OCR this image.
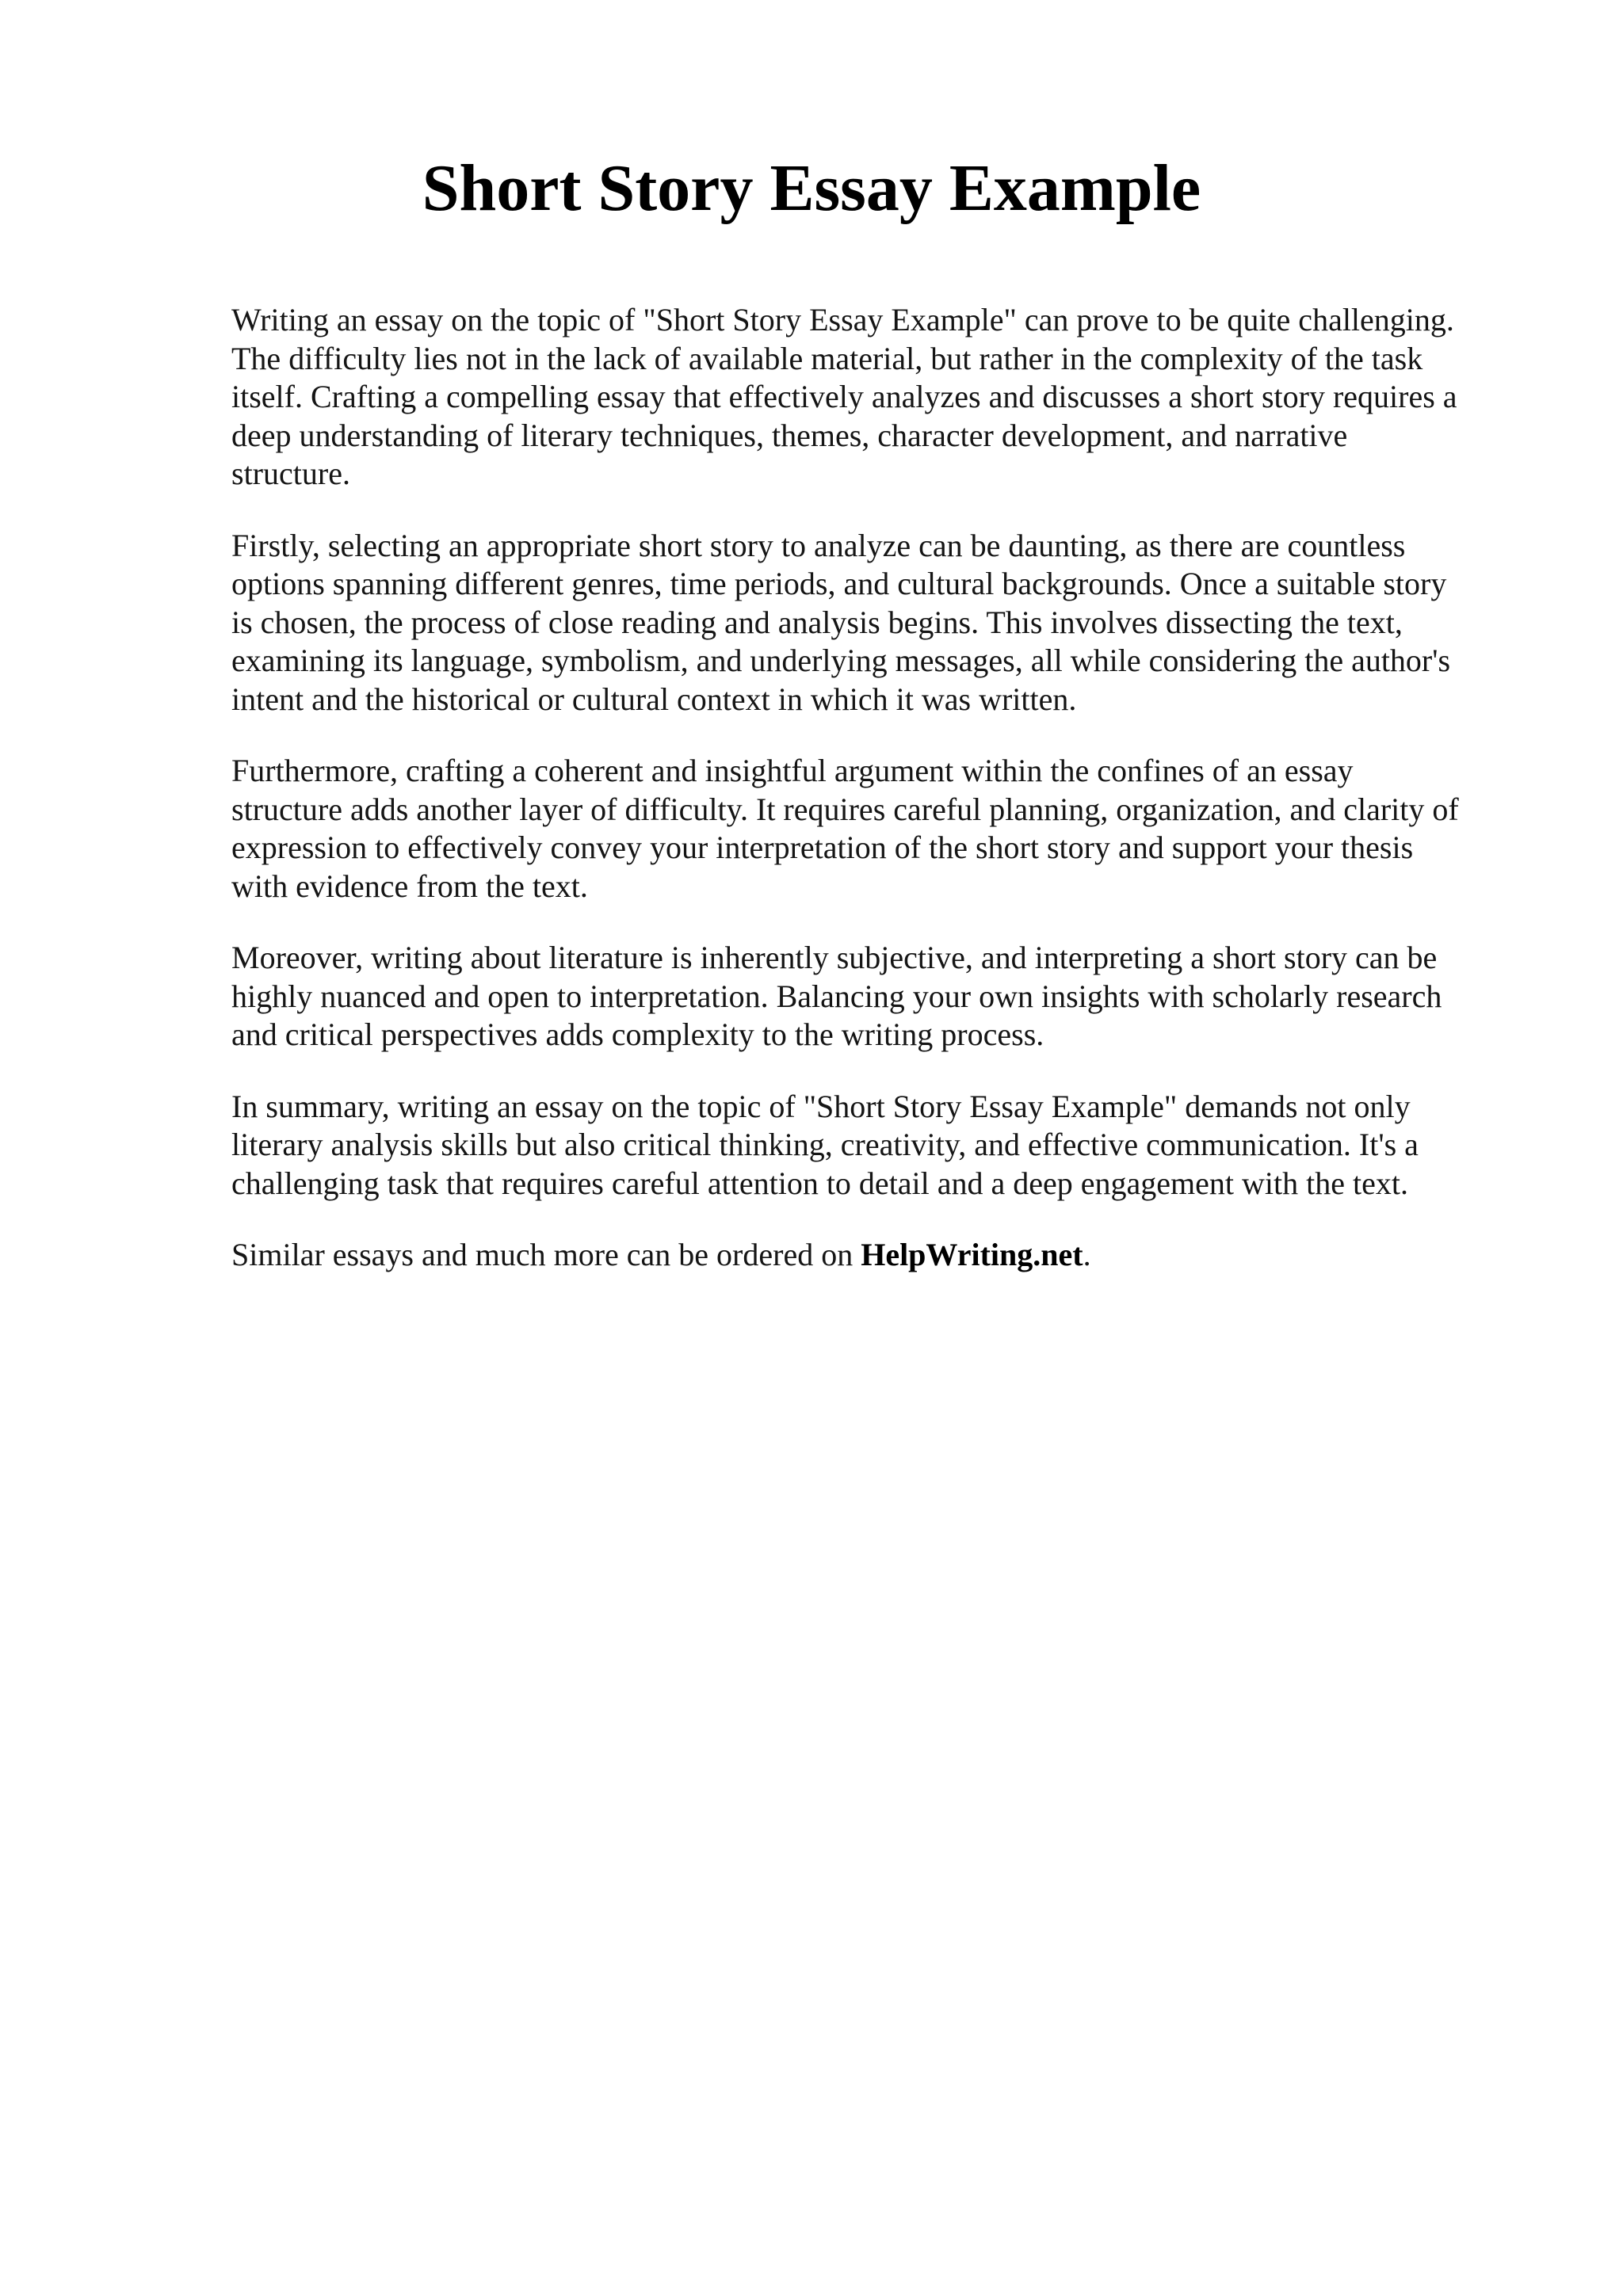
Short Story Essay Example

Writing an essay on the topic of "Short Story Essay Example" can prove to be quite challenging.
The difficulty lies not in the lack of available material, but rather in the complexity of the task
itself. Crafting a compelling essay that effectively analyzes and discusses a short story requires a
deep understanding of literary techniques, themes, character development, and narrative
structure.

Firstly, selecting an appropriate short story to analyze can be daunting, as there are countless
options spanning different genres, time periods, and cultural backgrounds. Once a suitable story
is chosen, the process of close reading and analysis begins. This involves dissecting the text,
examining its language, symbolism, and underlying messages, all while considering the author's
intent and the historical or cultural context in which it was written.

Furthermore, crafting a coherent and insightful argument within the confines of an essay
structure adds another layer of difficulty. It requires careful planning, organization, and clarity of
expression to effectively convey your interpretation of the short story and support your thesis
with evidence from the text.

Moreover, writing about literature is inherently subjective, and interpreting a short story can be
highly nuanced and open to interpretation. Balancing your own insights with scholarly research
and critical perspectives adds complexity to the writing process.

In summary, writing an essay on the topic of "Short Story Essay Example" demands not only
literary analysis skills but also critical thinking, creativity, and effective communication. It's a
challenging task that requires careful attention to detail and a deep engagement with the text.

Similar essays and much more can be ordered on HelpWriting.net.
